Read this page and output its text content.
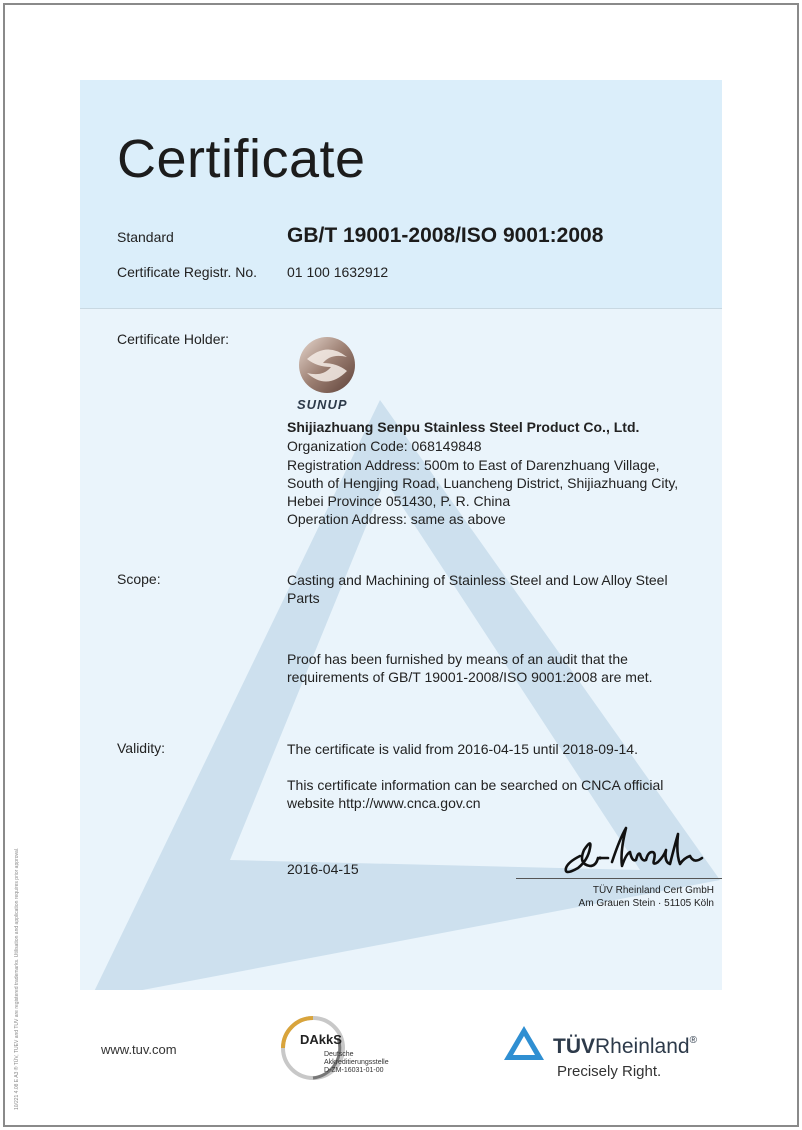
Certificate
Standard	GB/T 19001-2008/ISO 9001:2008
Certificate Registr. No. 01 100 1632912
Certificate Holder:
SUNUP
Shijiazhuang Senpu Stainless Steel Product Co., Ltd.
Organization Code: 068149848
Registration Address: 500m to East of Darenzhuang Village,
South of Hengjing Road, Luancheng District, Shijiazhuang City,
Hebei Province 051430, P. R. China
Operation Address: same as above
Scope:	Casting and Machining of Stainless Steel and Low Alloy Steel
Parts
Proof has been furnished by means of an audit that the
requirements of GB/T 19001-2008/ISO 9001:2008 are met.
Validity:	The certificate is valid from 2016-04-15 until 2018-09-14.
This certificate information can be searched on CNCA official
website http://www.cnca.gov.cn
2016-04-15
TÜV Rheinland Cert GmbH
Am Grauen Stein · 51105 Köln
www.tuv.com
DAkkS
Deutsche
Akkreditierungsstelle
D-ZM-16031-01-00
TÜVRheinland®
Precisely Right.
10/221 4.08 E A3 ® TÜV, TUEV and TUV are registered trademarks. Utilisation and application requires prior approval.
